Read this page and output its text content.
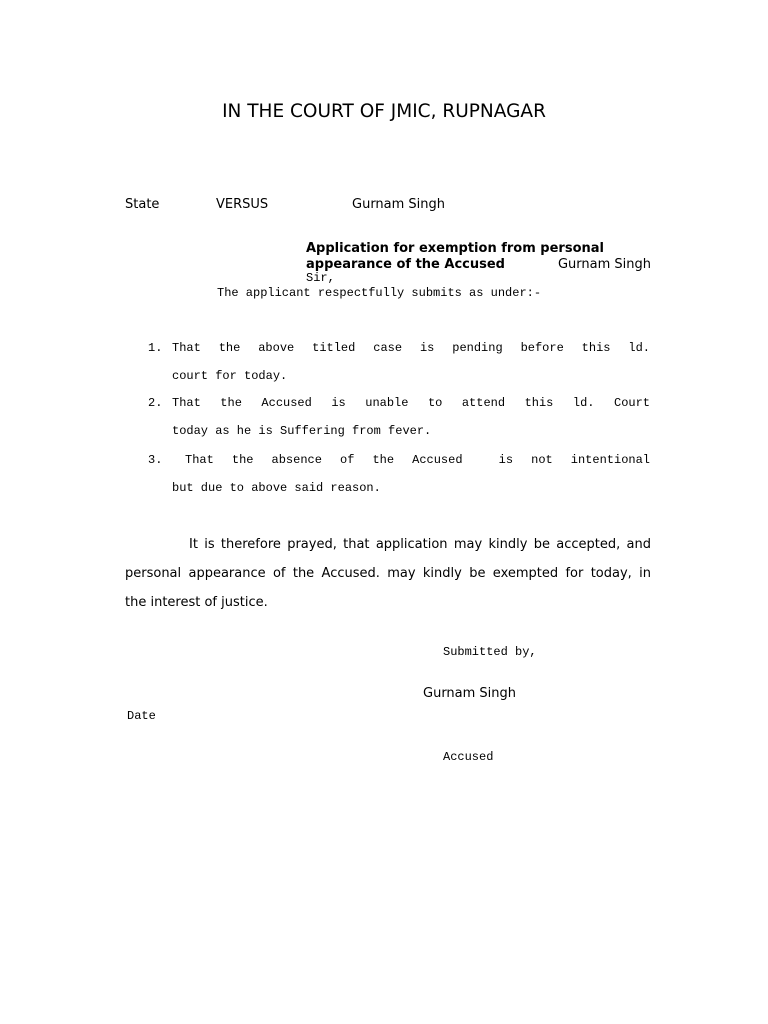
IN THE COURT OF JMIC, RUPNAGAR
State	VERSUS	Gurnam Singh
Application for exemption from personal
appearance of the Accused	Gurnam Singh
Sir,
The applicant respectfully submits as under:-
1. That the above titled case is pending before this ld.
court for today.
2. That the Accused is unable to attend this ld. Court
today as he is Suffering from fever.
3. That the absence of the Accused  is not intentional
but due to above said reason.
It is therefore prayed, that application may kindly be accepted, and
personal appearance of the Accused. may kindly be exempted for today, in
the interest of justice.
Submitted by,
Gurnam Singh
Date
Accused
